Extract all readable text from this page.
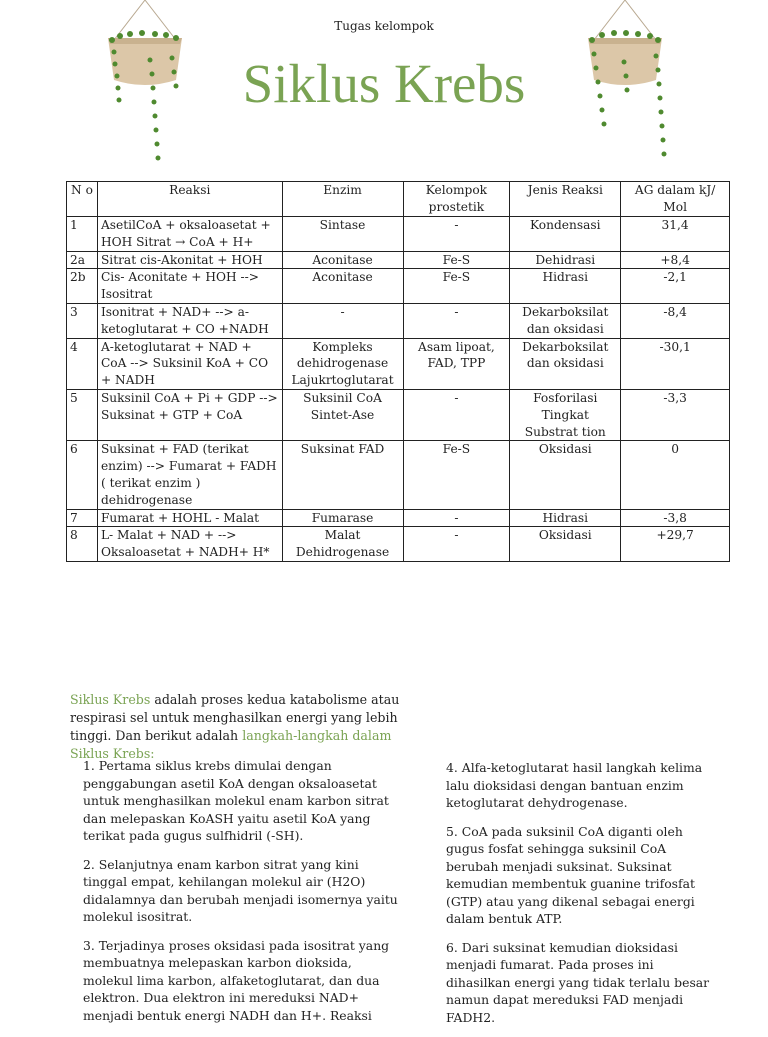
Tugas kelompok
Siklus Krebs
N o	Reaksi	Enzim	Kelompok prostetik	Jenis Reaksi	AG dalam kJ/ Mol
1	AsetilCoA + oksaloasetat + HOH Sitrat → CoA + H+	Sintase	-	Kondensasi	31,4
2a	Sitrat cis-Akonitat + HOH	Aconitase	Fe-S	Dehidrasi	+8,4
2b	Cis- Aconitate + HOH --> Isositrat	Aconitase	Fe-S	Hidrasi	-2,1
3	Isonitrat + NAD+ --> a-ketoglutarat + CO +NADH	-	-	Dekarboksilat dan oksidasi	-8,4
4	A-ketoglutarat + NAD + CoA --> Suksinil KoA + CO + NADH	Kompleks dehidrogenase Lajukrtoglutarat	Asam lipoat, FAD, TPP	Dekarboksilat dan oksidasi	-30,1
5	Suksinil CoA + Pi + GDP --> Suksinat + GTP + CoA	Suksinil CoA Sintet-Ase	-	Fosforilasi Tingkat Substrat tion	-3,3
6	Suksinat + FAD (terikat enzim) --> Fumarat + FADH ( terikat enzim ) dehidrogenase	Suksinat FAD	Fe-S	Oksidasi	0
7	Fumarat + HOHL - Malat	Fumarase	-	Hidrasi	-3,8
8	L- Malat + NAD + --> Oksaloasetat + NADH+ H*	Malat Dehidrogenase	-	Oksidasi	+29,7
Siklus Krebs adalah proses kedua katabolisme atau respirasi sel untuk menghasilkan energi yang lebih tinggi. Dan berikut adalah langkah-langkah dalam Siklus Krebs:

1. Pertama siklus krebs dimulai dengan penggabungan asetil KoA dengan oksaloasetat untuk menghasilkan molekul enam karbon sitrat dan melepaskan KoASH yaitu asetil KoA yang terikat pada gugus sulfhidril (-SH).

2. Selanjutnya enam karbon sitrat yang kini tinggal empat, kehilangan molekul air (H2O) didalamnya dan berubah menjadi isomernya yaitu molekul isositrat.

3. Terjadinya proses oksidasi pada isositrat yang membuatnya melepaskan karbon dioksida, molekul lima karbon, alfaketoglutarat, dan dua elektron. Dua elektron ini mereduksi NAD+ menjadi bentuk energi NADH dan H+. Reaksi

4. Alfa-ketoglutarat hasil langkah kelima lalu dioksidasi dengan bantuan enzim ketoglutarat dehydrogenase.

5. CoA pada suksinil CoA diganti oleh gugus fosfat sehingga suksinil CoA berubah menjadi suksinat. Suksinat kemudian membentuk guanine trifosfat (GTP) atau yang dikenal sebagai energi dalam bentuk ATP.

6. Dari suksinat kemudian dioksidasi menjadi fumarat. Pada proses ini dihasilkan energi yang tidak terlalu besar namun dapat mereduksi FAD menjadi FADH2.
